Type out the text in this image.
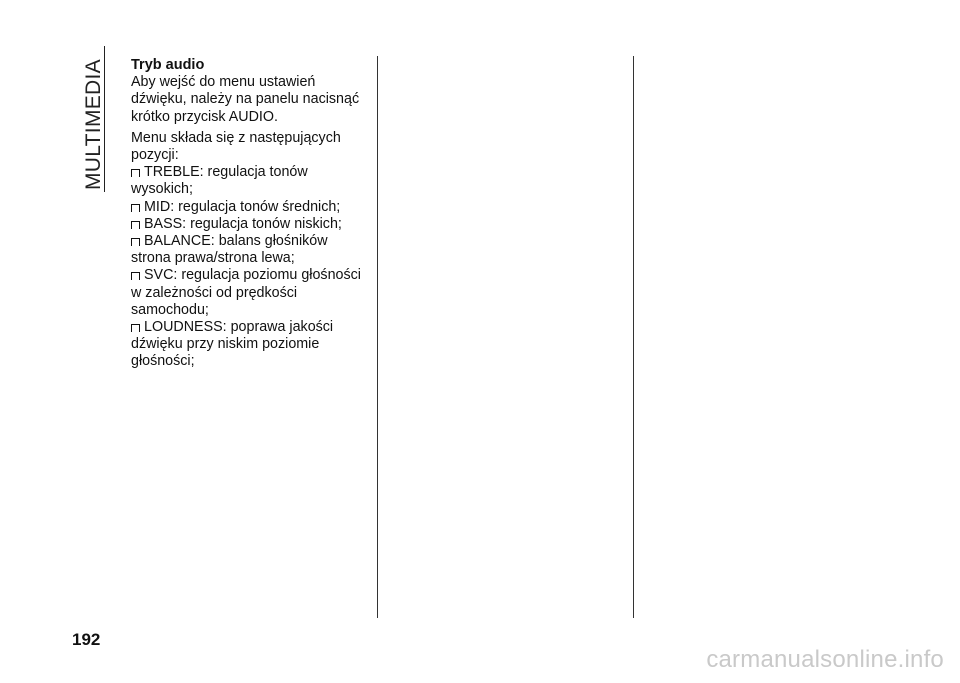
MULTIMEDIA Tryb audio

Aby wejść do menu ustawień dźwięku, należy na panelu nacisnąć krótko przycisk AUDIO.

Menu składa się z następujących pozycji:

TREBLE: regulacja tonów wysokich;
MID: regulacja tonów średnich;
BASS: regulacja tonów niskich;
BALANCE: balans głośników strona prawa/strona lewa;
SVC: regulacja poziomu głośności w zależności od prędkości samochodu;
LOUDNESS: poprawa jakości dźwięku przy niskim poziomie głośności;
192
carmanualsonline.info
